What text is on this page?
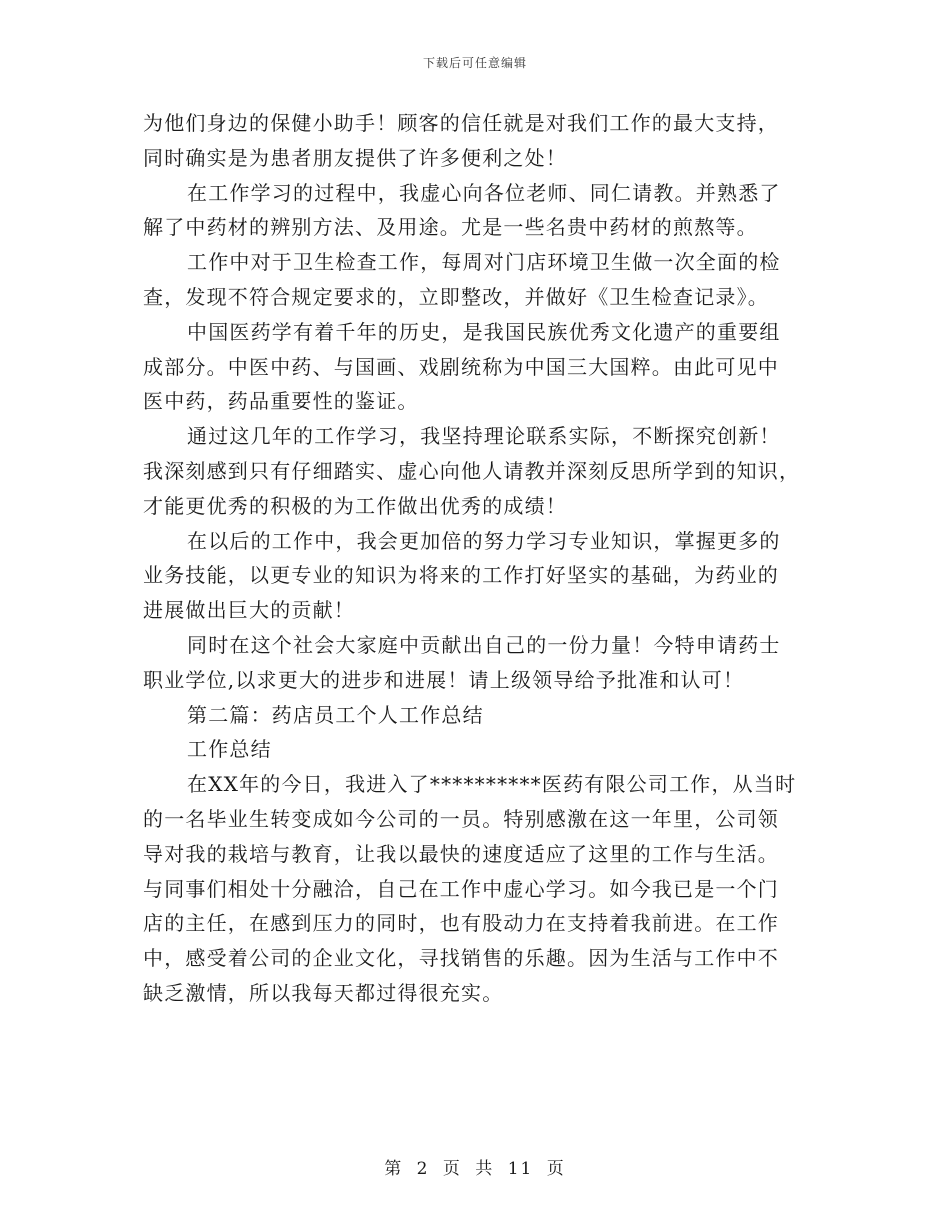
下载后可任意编辑

为他们身边的保健小助手！顾客的信任就是对我们工作的最大支持，
同时确实是为患者朋友提供了许多便利之处！

在工作学习的过程中，我虚心向各位老师、同仁请教。并熟悉了
解了中药材的辨别方法、及用途。尤是一些名贵中药材的煎熬等。

工作中对于卫生检查工作，每周对门店环境卫生做一次全面的检
查，发现不符合规定要求的，立即整改，并做好《卫生检查记录》。

中国医药学有着千年的历史，是我国民族优秀文化遗产的重要组
成部分。中医中药、与国画、戏剧统称为中国三大国粹。由此可见中
医中药，药品重要性的鉴证。

通过这几年的工作学习，我坚持理论联系实际，不断探究创新！
我深刻感到只有仔细踏实、虚心向他人请教并深刻反思所学到的知识，
才能更优秀的积极的为工作做出优秀的成绩！

在以后的工作中，我会更加倍的努力学习专业知识，掌握更多的
业务技能，以更专业的知识为将来的工作打好坚实的基础，为药业的
进展做出巨大的贡献！

同时在这个社会大家庭中贡献出自己的一份力量！今特申请药士
职业学位,以求更大的进步和进展！请上级领导给予批准和认可！

第二篇：药店员工个人工作总结

工作总结

在XX年的今日，我进入了**********医药有限公司工作，从当时
的一名毕业生转变成如今公司的一员。特别感激在这一年里，公司领
导对我的栽培与教育，让我以最快的速度适应了这里的工作与生活。
与同事们相处十分融洽，自己在工作中虚心学习。如今我已是一个门
店的主任，在感到压力的同时，也有股动力在支持着我前进。在工作
中，感受着公司的企业文化，寻找销售的乐趣。因为生活与工作中不
缺乏激情，所以我每天都过得很充实。

第 2 页 共 11 页
